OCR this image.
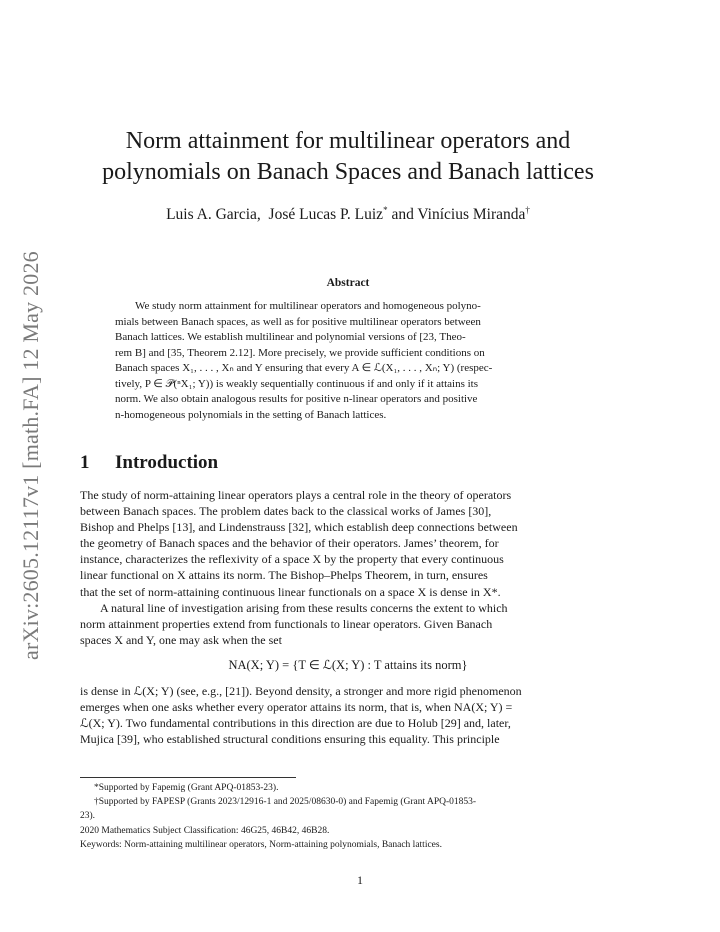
arXiv:2605.12117v1 [math.FA] 12 May 2026
Norm attainment for multilinear operators and
polynomials on Banach Spaces and Banach lattices
Luis A. Garcia, José Lucas P. Luiz* and Vinícius Miranda†
Abstract
We study norm attainment for multilinear operators and homogeneous polyno-
mials between Banach spaces, as well as for positive multilinear operators between
Banach lattices. We establish multilinear and polynomial versions of [23, Theo-
rem B] and [35, Theorem 2.12]. More precisely, we provide sufficient conditions on
Banach spaces X₁, . . . , Xₙ and Y ensuring that every A ∈ ℒ(X₁, . . . , Xₙ; Y) (respec-
tively, P ∈ 𝒫(ⁿX₁; Y)) is weakly sequentially continuous if and only if it attains its
norm. We also obtain analogous results for positive n-linear operators and positive
n-homogeneous polynomials in the setting of Banach lattices.
1 Introduction
The study of norm-attaining linear operators plays a central role in the theory of operators
between Banach spaces. The problem dates back to the classical works of James [30],
Bishop and Phelps [13], and Lindenstrauss [32], which establish deep connections between
the geometry of Banach spaces and the behavior of their operators. James’ theorem, for
instance, characterizes the reflexivity of a space X by the property that every continuous
linear functional on X attains its norm. The Bishop–Phelps Theorem, in turn, ensures
that the set of norm-attaining continuous linear functionals on a space X is dense in X*.
A natural line of investigation arising from these results concerns the extent to which
norm attainment properties extend from functionals to linear operators. Given Banach
spaces X and Y, one may ask when the set
NA(X; Y) = {T ∈ ℒ(X; Y) : T attains its norm}
is dense in ℒ(X; Y) (see, e.g., [21]). Beyond density, a stronger and more rigid phenomenon
emerges when one asks whether every operator attains its norm, that is, when NA(X; Y) =
ℒ(X; Y). Two fundamental contributions in this direction are due to Holub [29] and, later,
Mujica [39], who established structural conditions ensuring this equality. This principle
*Supported by Fapemig (Grant APQ-01853-23).
†Supported by FAPESP (Grants 2023/12916-1 and 2025/08630-0) and Fapemig (Grant APQ-01853-
23).
2020 Mathematics Subject Classification: 46G25, 46B42, 46B28.
Keywords: Norm-attaining multilinear operators, Norm-attaining polynomials, Banach lattices.
1
